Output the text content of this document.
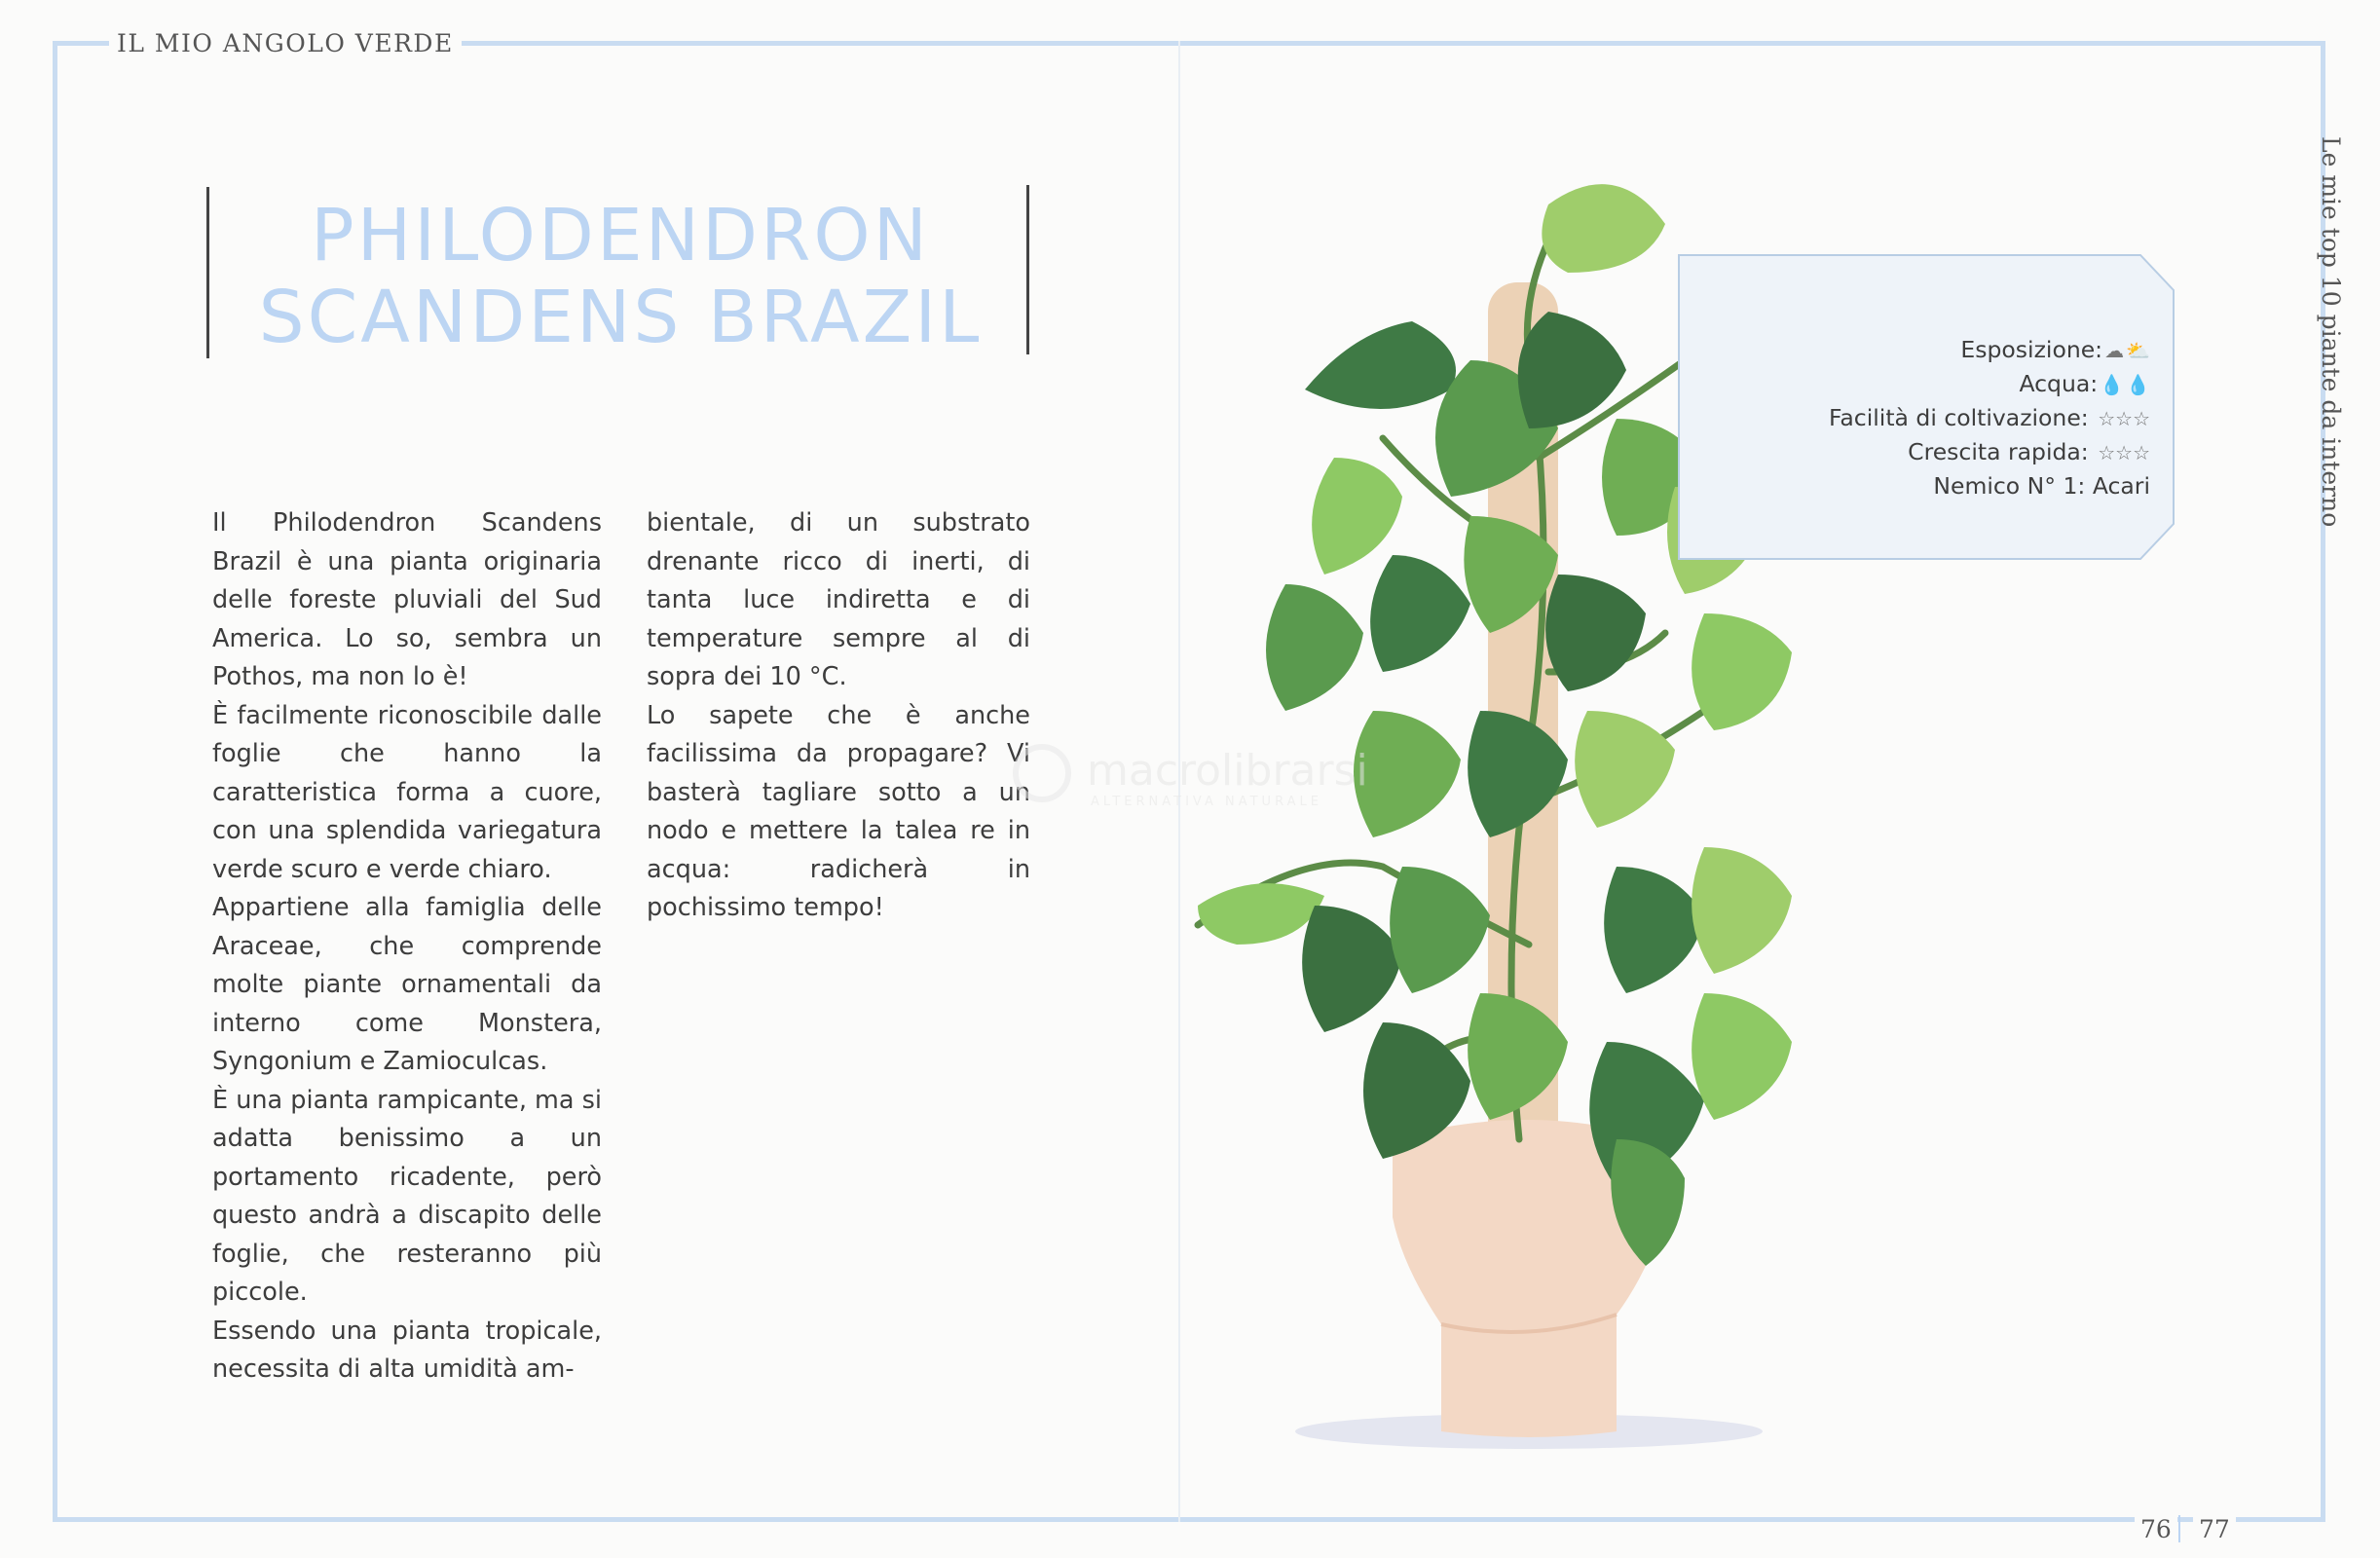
IL MIO ANGOLO VERDE
Le mie top 10 piante da interno
PHILODENDRON
SCANDENS BRAZIL

Il Philodendron Scandens Brazil è una pianta originaria delle foreste pluviali del Sud America. Lo so, sembra un Pothos, ma non lo è!

È facilmente riconoscibile dalle foglie che hanno la caratteristica forma a cuore, con una splendida variegatura verde scuro e verde chiaro.

Appartiene alla famiglia delle Araceae, che comprende molte piante ornamentali da interno come Monstera, Syngonium e Zamioculcas.

È una pianta rampicante, ma si adatta benissimo a un portamento ricadente, però questo andrà a discapito delle foglie, che resteranno più piccole.

Essendo una pianta tropicale, necessita di alta umidità am-

bientale, di un substrato drenante ricco di inerti, di tanta luce indiretta e di temperature sempre al di sopra dei 10 °C.

Lo sapete che è anche facilissima da propagare? Vi basterà tagliare sotto a un nodo e mettere la talea re in acqua: radicherà in pochissimo tempo!

Esposizione: ☁ ⛅
Acqua: 💧 💧
Facilità di coltivazione: ☆☆☆
Crescita rapida: ☆☆☆
Nemico N° 1: Acari
macrolibrarsi
ALTERNATIVA NATURALE
76 77
